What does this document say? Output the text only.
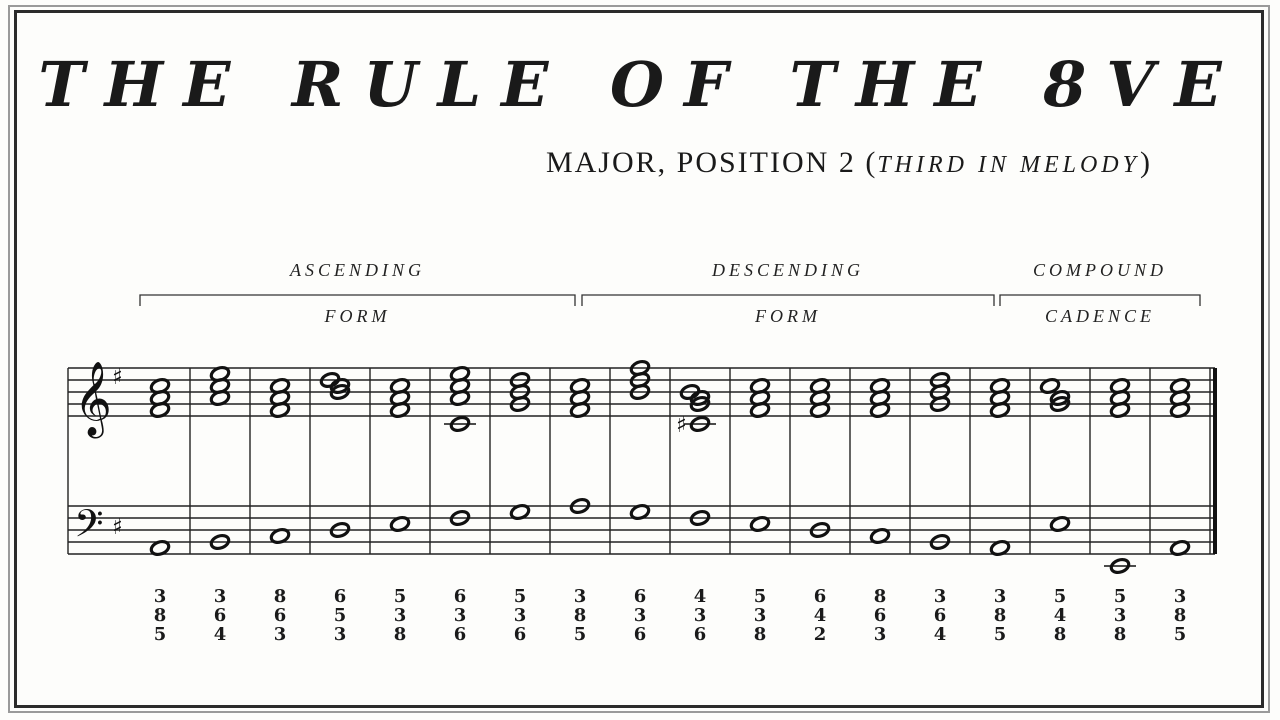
THE RULE OF THE 8VE
MAJOR, POSITION 2 (THIRD IN MELODY)
ASCENDING
FORM
DESCENDING
FORM
COMPOUND
CADENCE
𝄞
𝄢
♯
♯
♯
3
8
5
3
6
4
8
6
3
6
5
3
5
3
8
6
3
6
5
3
6
3
8
5
6
3
6
4
3
6
5
3
8
6
4
2
8
6
3
3
6
4
3
8
5
5
4
8
5
3
8
3
8
5
